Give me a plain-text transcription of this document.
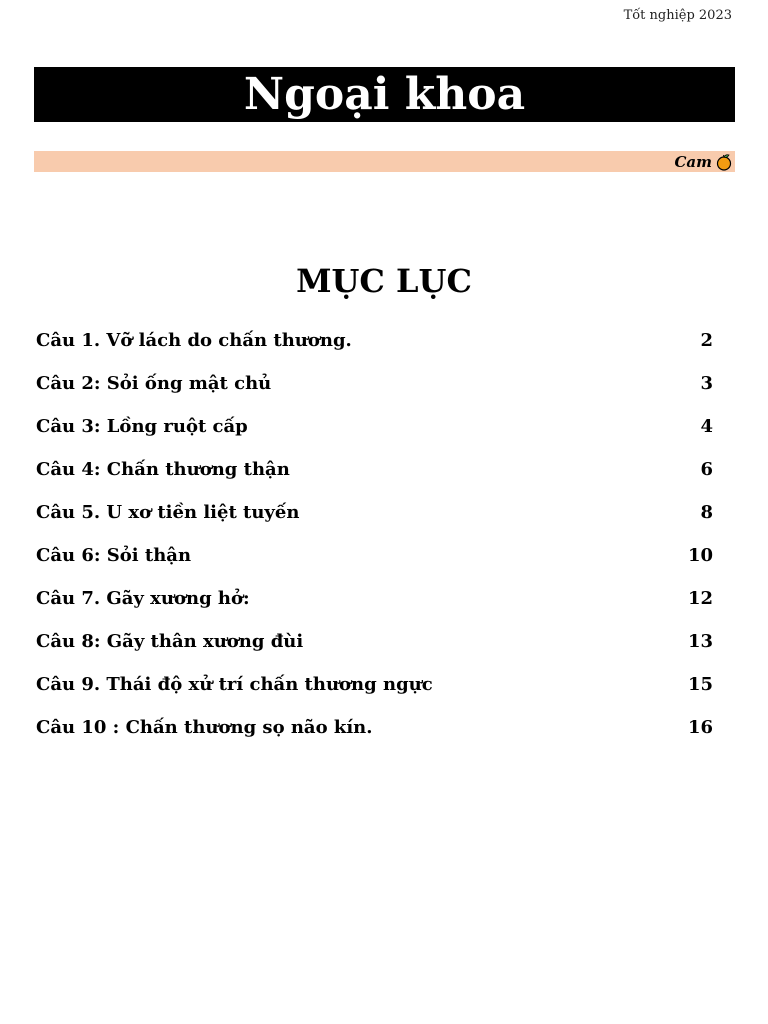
Tốt nghiệp 2023
Ngoại khoa
Cam
MỤC LỤC
Câu 1. Vỡ lách do chấn thương.	2
Câu 2: Sỏi ống mật chủ	3
Câu 3: Lồng ruột cấp	4
Câu 4: Chấn thương thận	6
Câu 5. U xơ tiền liệt tuyến	8
Câu 6: Sỏi thận	10
Câu 7. Gãy xương hở:	12
Câu 8: Gãy thân xương đùi	13
Câu 9. Thái độ xử trí chấn thương ngực	15
Câu 10 : Chấn thương sọ não kín.	16
